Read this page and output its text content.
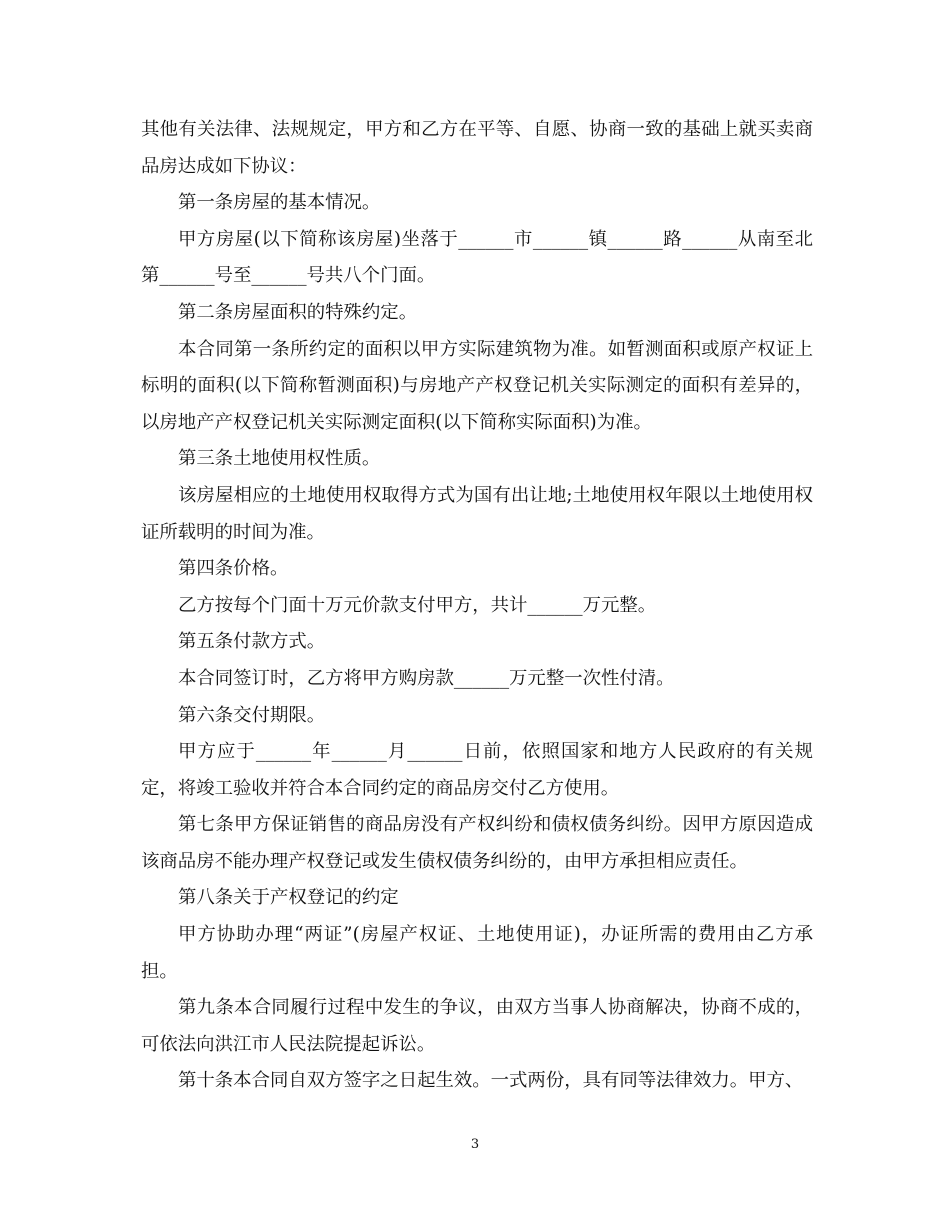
其他有关法律、法规规定，甲方和乙方在平等、自愿、协商一致的基础上就买卖商品房达成如下协议：

第一条房屋的基本情况。

甲方房屋(以下简称该房屋)坐落于______市______镇______路______从南至北第______号至______号共八个门面。

第二条房屋面积的特殊约定。

本合同第一条所约定的面积以甲方实际建筑物为准。如暂测面积或原产权证上标明的面积(以下简称暂测面积)与房地产产权登记机关实际测定的面积有差异的，以房地产产权登记机关实际测定面积(以下简称实际面积)为准。

第三条土地使用权性质。

该房屋相应的土地使用权取得方式为国有出让地;土地使用权年限以土地使用权证所载明的时间为准。

第四条价格。

乙方按每个门面十万元价款支付甲方，共计______万元整。

第五条付款方式。

本合同签订时，乙方将甲方购房款______万元整一次性付清。

第六条交付期限。

甲方应于______年______月______日前，依照国家和地方人民政府的有关规定，将竣工验收并符合本合同约定的商品房交付乙方使用。

第七条甲方保证销售的商品房没有产权纠纷和债权债务纠纷。因甲方原因造成该商品房不能办理产权登记或发生债权债务纠纷的，由甲方承担相应责任。

第八条关于产权登记的约定

甲方协助办理“两证”(房屋产权证、土地使用证)，办证所需的费用由乙方承担。

第九条本合同履行过程中发生的争议，由双方当事人协商解决，协商不成的，可依法向洪江市人民法院提起诉讼。

第十条本合同自双方签字之日起生效。一式两份，具有同等法律效力。甲方、

3
